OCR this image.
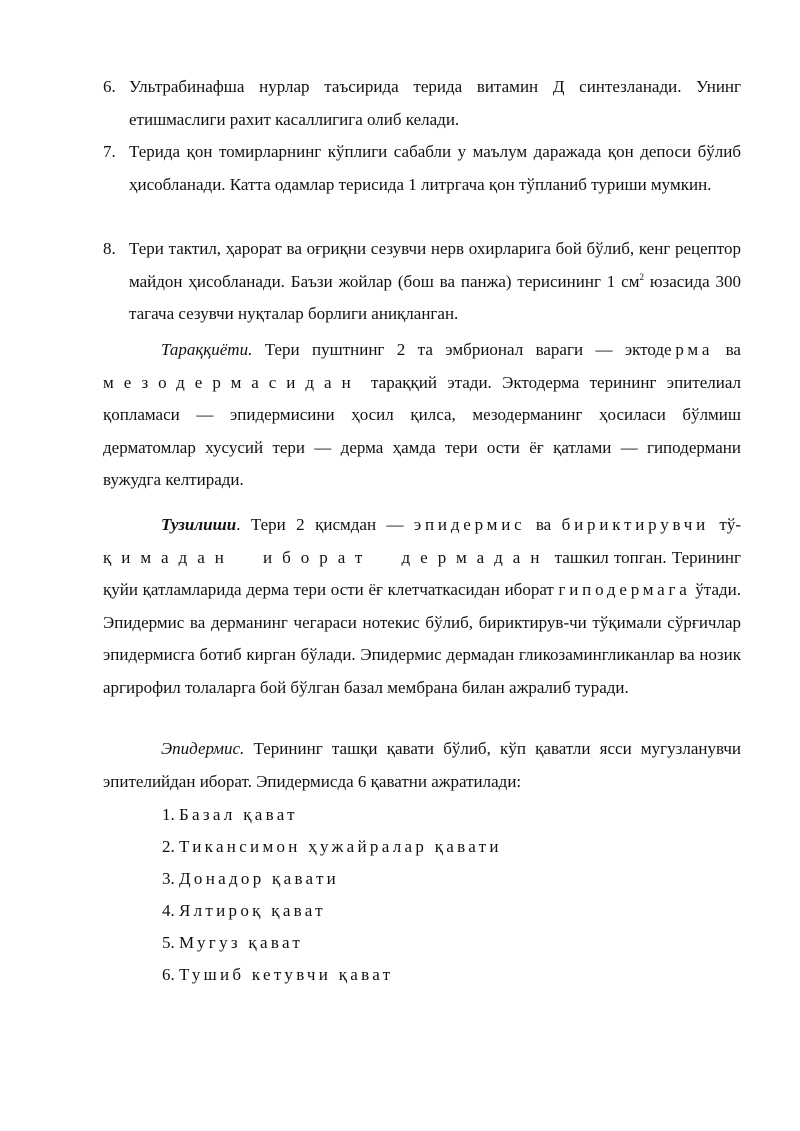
6. Ультрабинафша нурлар таъсирида терида витамин Д синтезланади. Унинг етишмаслиги рахит касаллигига олиб келади.
7. Терида қон томирларнинг кўплиги сабабли у маълум даражада қон депоси бўлиб ҳисобланади. Катта одамлар терисида 1 литргача қон тўпланиб туриши мумкин.
8. Тери тактил, ҳарорат ва оғриқни сезувчи нерв охирларига бой бўлиб, кенг рецептор майдон ҳисобланади. Баъзи жойлар (бош ва панжа) терисининг 1 $см^2$ юзасида 300 тагача сезувчи нуқталар борлиги аниқланган.
Тараққиёти. Тери пуштнинг 2 та эмбрионал вараги — эктодерма ва мезодермасидан тараққий этади. Эктодерма терининг эпителиал қопламаси — эпидермисини ҳосил қилса, мезодерманинг ҳосиласи бўлмиш дерматомлар хусусий тери — дерма ҳамда тери ости ёғ қатлами — гиподермани вужудга келтиради.
Тузилиши. Тери 2 қисмдан — эпидермис ва бириктирувчи тў-қимадан иборат дермадан ташкил топган. Терининг қуйи қатламларида дерма тери ости ёғ клетчаткасидан иборат гиподермага ўтади. Эпидермис ва дерманинг чегараси нотекис бўлиб, бириктирув-чи тўқимали сўрғичлар эпидермисга ботиб кирган бўлади. Эпидермис дермадан гликозамингликанлар ва нозик аргирофил толаларга бой бўлган базал мембрана билан ажралиб туради.
Эпидермис. Терининг ташқи қавати бўлиб, кўп қаватли ясси мугузланувчи эпителийдан иборат. Эпидермисда 6 қаватни ажратилади:
1. Базал қават
2. Тикансимон ҳужайралар қавати
3. Донадор қавати
4. Ялтироқ қават
5. Мугуз қават
6. Тушиб кетувчи қават
